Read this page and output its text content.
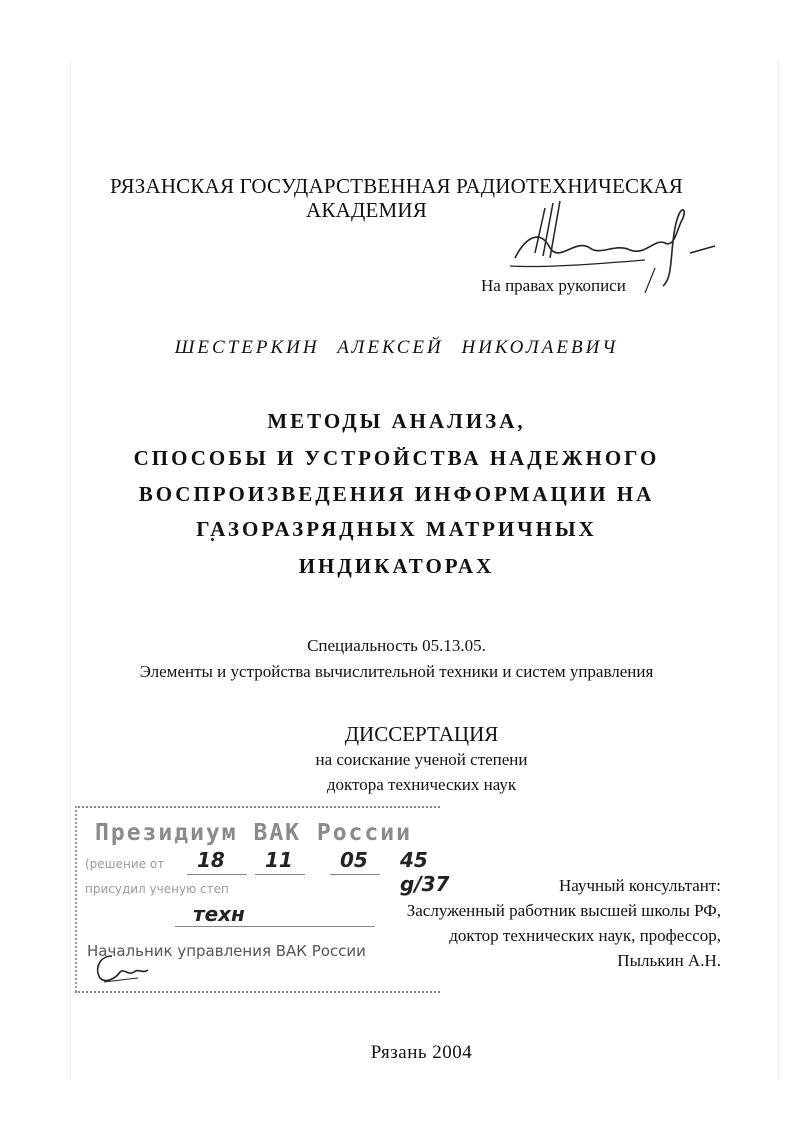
РЯЗАНСКАЯ ГОСУДАРСТВЕННАЯ РАДИОТЕХНИЧЕСКАЯ
АКАДЕМИЯ
На правах рукописи
ШЕСТЕРКИН АЛЕКСЕЙ НИКОЛАЕВИЧ
МЕТОДЫ АНАЛИЗА,
СПОСОБЫ И УСТРОЙСТВА НАДЕЖНОГО
ВОСПРОИЗВЕДЕНИЯ ИНФОРМАЦИИ НА
ГАЗОРАЗРЯДНЫХ МАТРИЧНЫХ
ИНДИКАТОРАХ
Специальность 05.13.05.
Элементы и устройства вычислительной техники и систем управления
ДИССЕРТАЦИЯ
на соискание ученой степени
доктора технических наук
Президиум ВАК России
(решение от 18 11 05 45 g/37
присудил ученую степ
техн
Начальник управления ВАК России
Научный консультант:
Заслуженный работник высшей школы РФ,
доктор технических наук, профессор,
Пылькин А.Н.
Рязань 2004
